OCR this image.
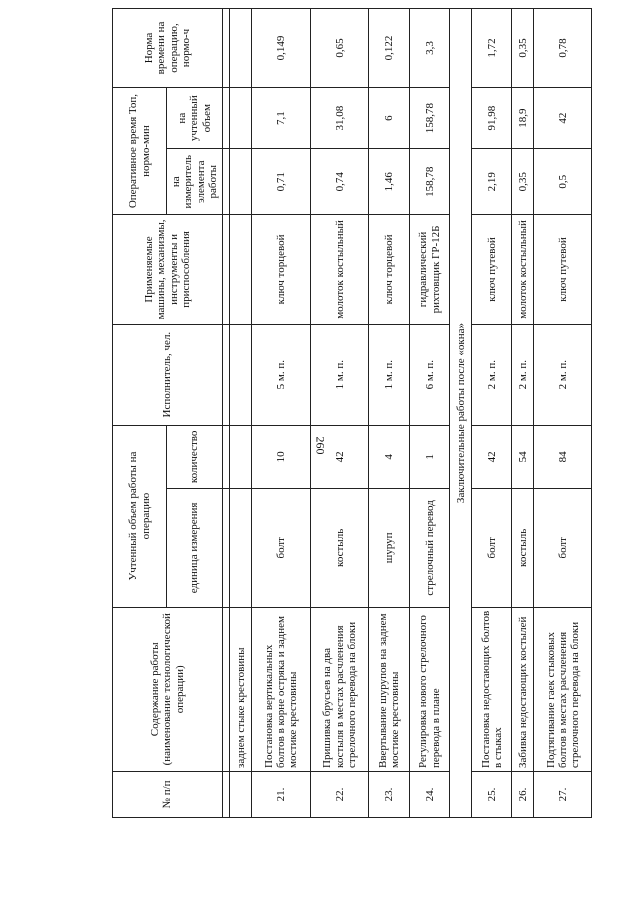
260
№ п/п	Содержание работы (наименование технологической операции)	Учтенный объем работы на операцию		Исполнитель, чел.	Применяемые машины, механизмы, инструменты и приспособления	Оперативное время Топ, нормо-мин		Норма времени на операцию, нормо-ч
		единица измерения	количество			на измеритель элемента работы	на учтенный объем	

	заднем стыке крестовины							
21.	Постановка вертикальных болтов в корне остряка и заднем мостике крестовины	болт	10	5 м. п.	ключ торцевой	0,71	7,1	0,149
22.	Пришивка брусьев на два костыля в местах расчленения стрелочного перевода на блоки	костыль	42	1 м. п.	молоток костыльный	0,74	31,08	0,65
23.	Ввертывание шурупов на заднем мостике крестовины	шуруп	4	1 м. п.	ключ торцевой	1,46	6	0,122
24.	Регулировка нового стрелочного перевода в плане	стрелочный перевод	1	6 м. п.	гидравлический рихтовщик ГР-12Б	158,78	158,78	3,3
Заключительные работы после «окна»								
25.	Постановка недостающих болтов в стыках	болт	42	2 м. п.	ключ путевой	2,19	91,98	1,72
26.	Забивка недостающих костылей	костыль	54	2 м. п.	молоток костыльный	0,35	18,9	0,35
27.	Подтягивание гаек стыковых болтов в местах расчленения стрелочного перевода на блоки	болт	84	2 м. п.	ключ путевой	0,5	42	0,78
